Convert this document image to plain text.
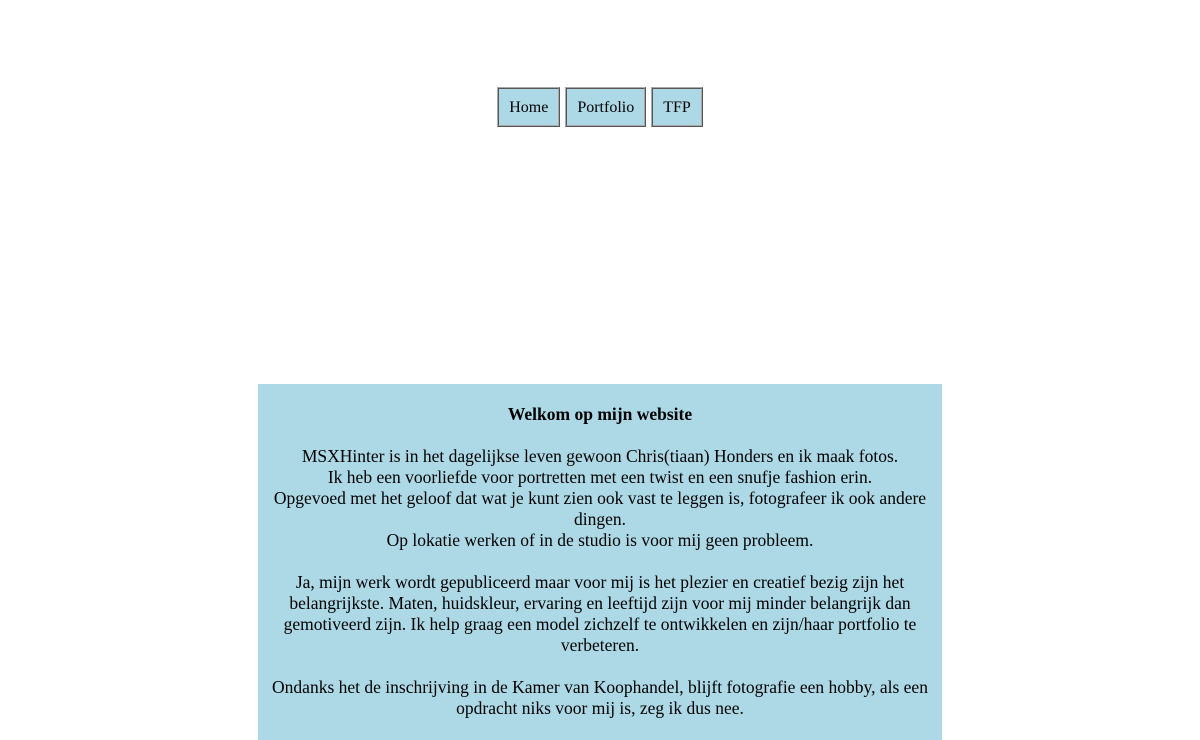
Home	Portfolio	TFP
Welkom op mijn website

MSXHinter is in het dagelijkse leven gewoon Chris(tiaan) Honders en ik maak fotos.
Ik heb een voorliefde voor portretten met een twist en een snufje fashion erin.
Opgevoed met het geloof dat wat je kunt zien ook vast te leggen is, fotografeer ik ook andere dingen.
Op lokatie werken of in de studio is voor mij geen probleem.

Ja, mijn werk wordt gepubliceerd maar voor mij is het plezier en creatief bezig zijn het belangrijkste. Maten, huidskleur, ervaring en leeftijd zijn voor mij minder belangrijk dan gemotiveerd zijn. Ik help graag een model zichzelf te ontwikkelen en zijn/haar portfolio te verbeteren.

Ondanks het de inschrijving in de Kamer van Koophandel, blijft fotografie een hobby, als een opdracht niks voor mij is, zeg ik dus nee.
